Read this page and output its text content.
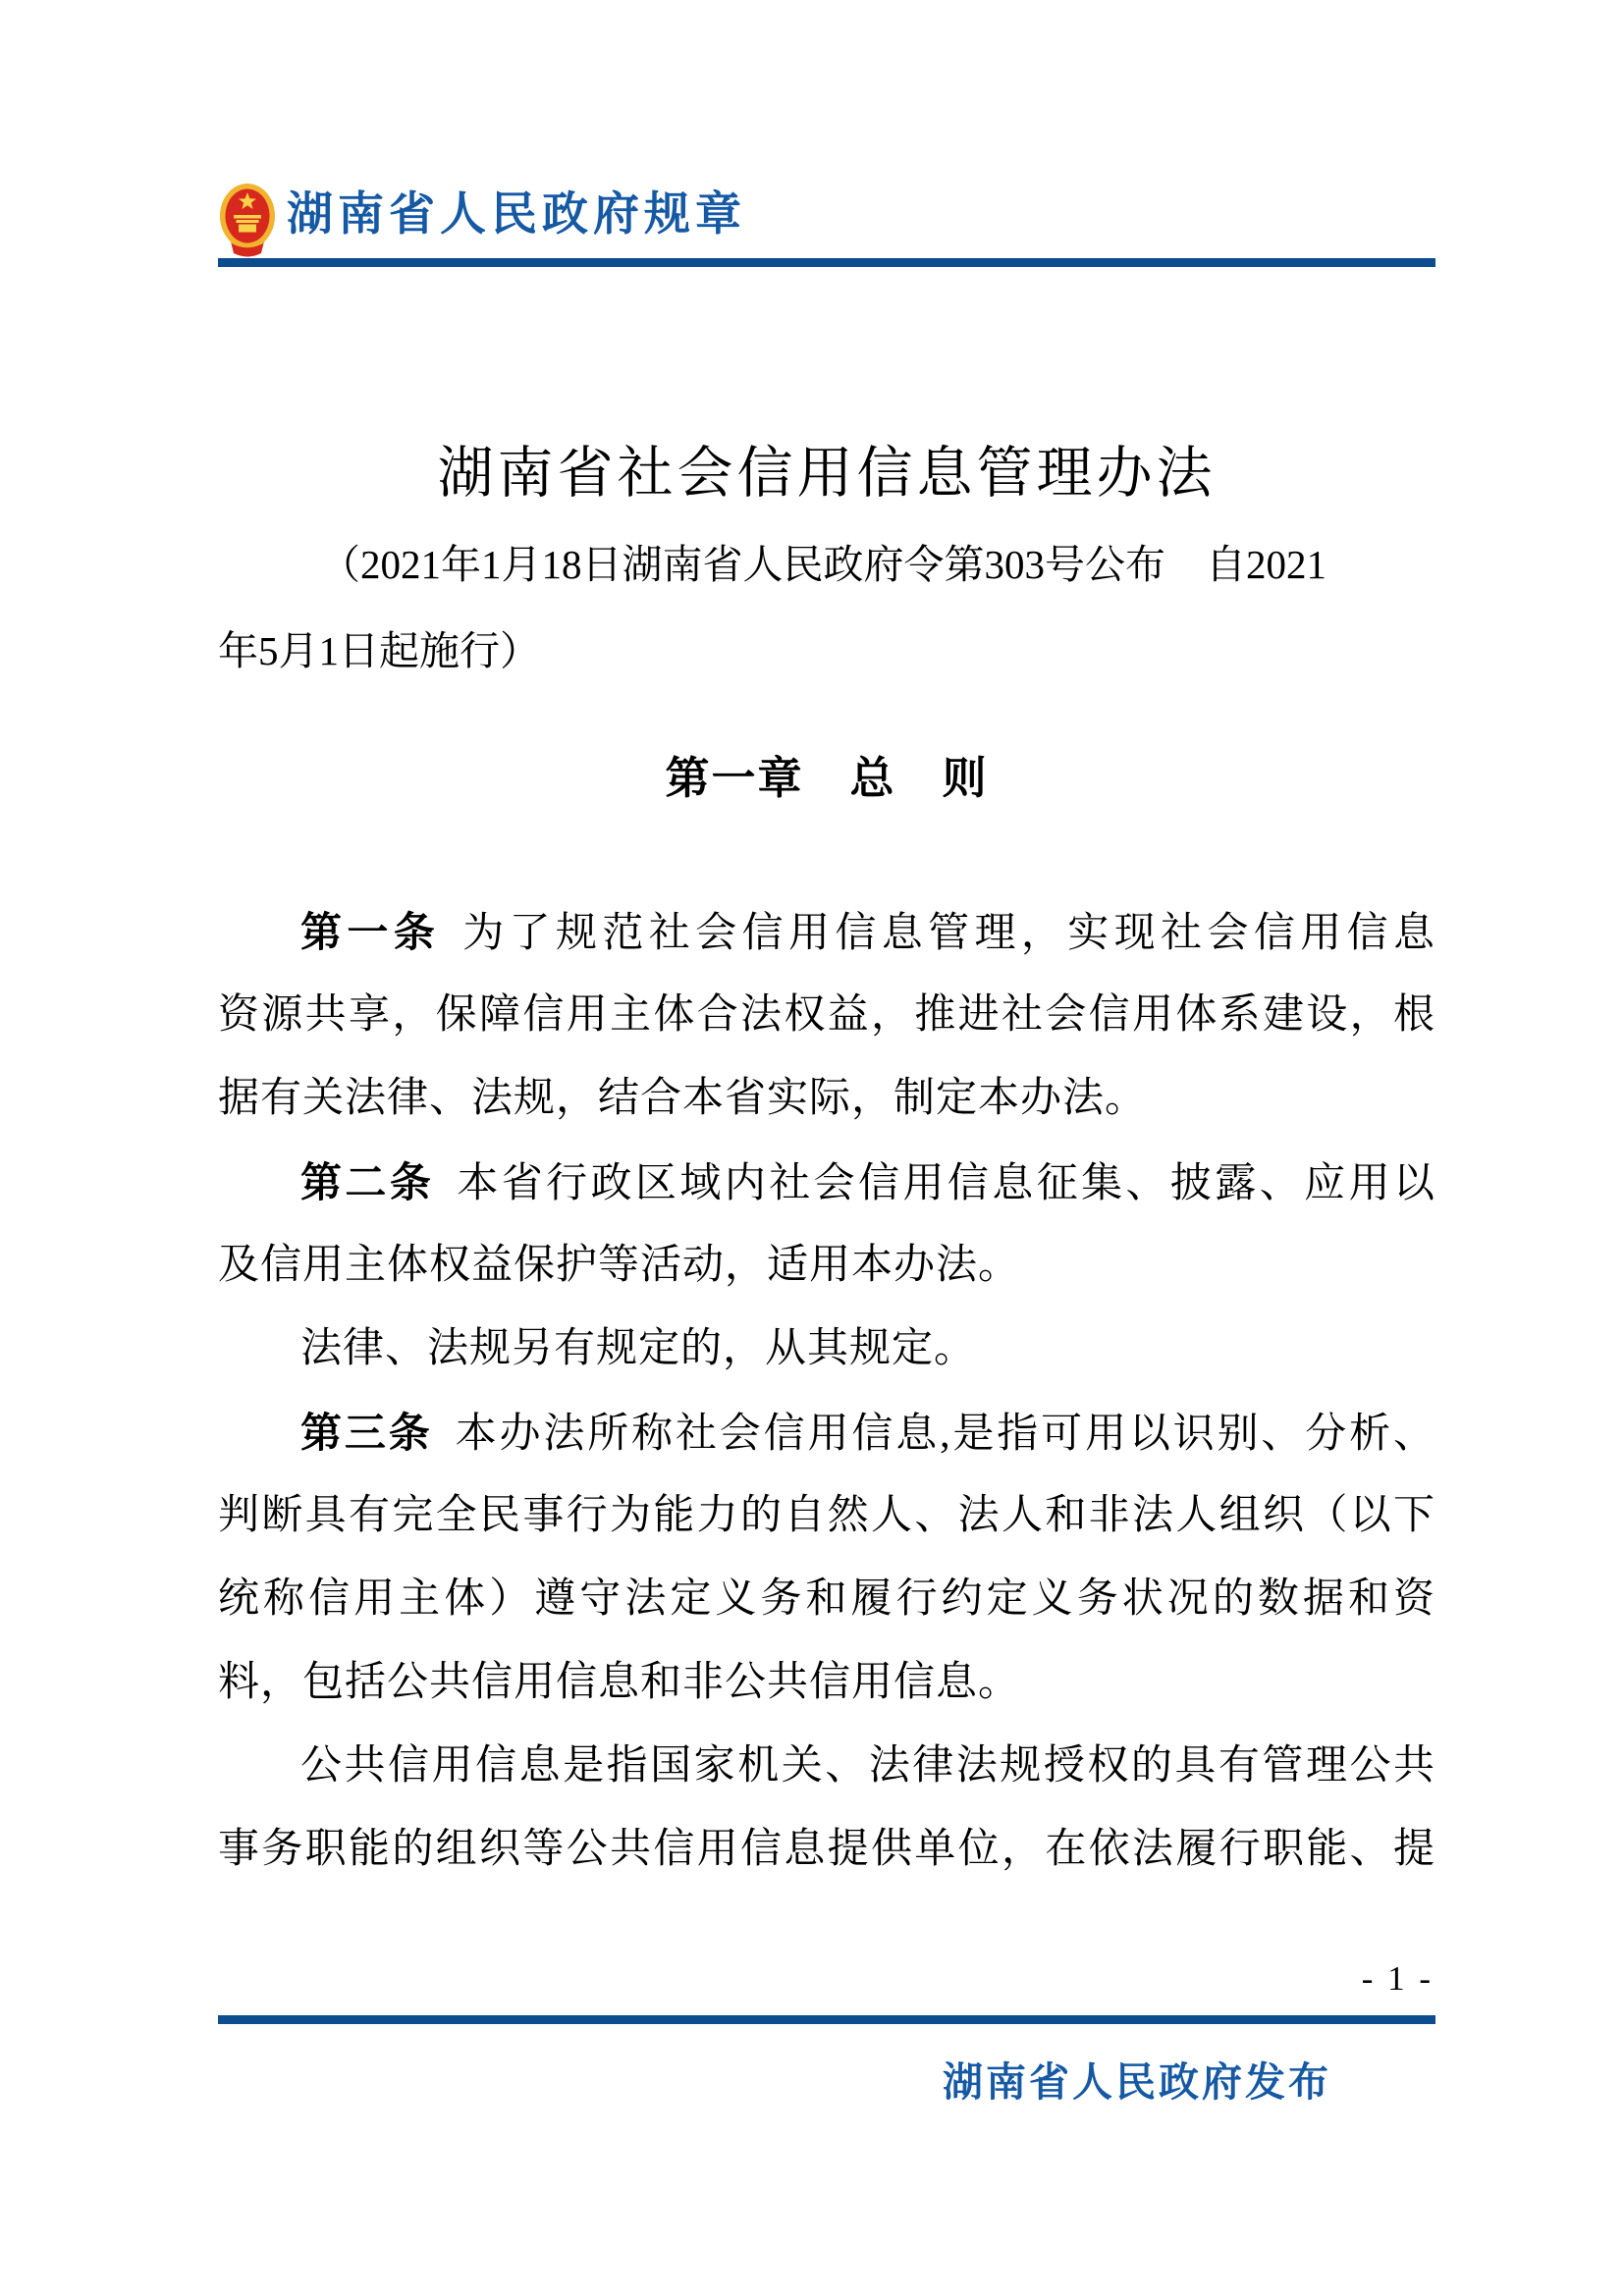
湖南省人民政府规章
湖南省社会信用信息管理办法
（2021年1月18日湖南省人民政府令第303号公布　自2021
年5月1日起施行）
第一章　总　则
第一条 为了规范社会信用信息管理，实现社会信用信息
资源共享，保障信用主体合法权益，推进社会信用体系建设，根
据有关法律、法规，结合本省实际，制定本办法。
第二条 本省行政区域内社会信用信息征集、披露、应用以
及信用主体权益保护等活动，适用本办法。
法律、法规另有规定的，从其规定。
第三条 本办法所称社会信用信息,是指可用以识别、分析、
判断具有完全民事行为能力的自然人、法人和非法人组织（以下
统称信用主体）遵守法定义务和履行约定义务状况的数据和资
料，包括公共信用信息和非公共信用信息。
公共信用信息是指国家机关、法律法规授权的具有管理公共
事务职能的组织等公共信用信息提供单位，在依法履行职能、提
- 1 -
湖南省人民政府发布
